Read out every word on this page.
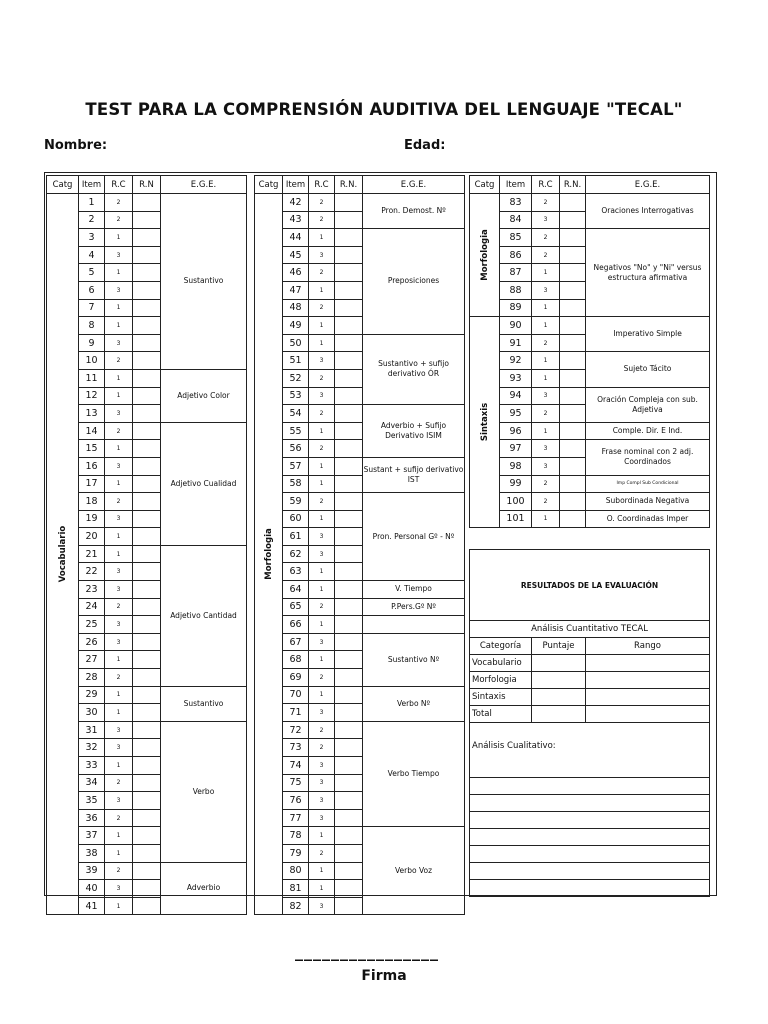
TEST PARA LA COMPRENSIÓN AUDITIVA DEL LENGUAJE "TECAL"
Nombre:	Edad:
Catg	Item	R.C	R.N	E.G.E.

Vocabulario	1	2		Sustantivo
	2	2		
	3	1		
	4	3		
	5	1		
	6	3		
	7	1		
	8	1		
	9	3		
	10	2		
	11	1		Adjetivo Color
	12	1		
	13	3		
	14	2		Adjetivo Cualidad
	15	1		
	16	3		
	17	1		
	18	2		
	19	3		
	20	1		
	21	1		Adjetivo Cantidad
	22	3		
	23	3		
	24	2		
	25	3		
	26	3		
	27	1		
	28	2		
	29	1		Sustantivo
	30	1		
	31	3		Verbo
	32	3		
	33	1		
	34	2		
	35	3		
	36	2		
	37	1		
	38	1		
	39	2		Adverbio
	40	3		
	41	1		
Catg	Item	R.C	R.N.	E.G.E.

Morfologia	42	2		Pron. Demost. Nº
	43	2		
	44	1		Preposiciones
	45	3		
	46	2		
	47	1		
	48	2		
	49	1		
	50	1		Sustantivo + sufijo derivativo ÓR
	51	3		
	52	2		
	53	3		
	54	2		Adverbio + Sufijo Derivativo ISIM
	55	1		
	56	2		
	57	1		Sustant + sufijo derivativo IST
	58	1		
	59	2		Pron. Personal Gº - Nº
	60	1		
	61	3		
	62	3		
	63	1		
	64	1		V. Tiempo
	65	2		P.Pers.Gº Nº
	66	1		
	67	3		Sustantivo Nº
	68	1		
	69	2		
	70	1		Verbo Nº
	71	3		
	72	2		Verbo Tiempo
	73	2		
	74	3		
	75	3		
	76	3		
	77	3		
	78	1		Verbo Voz
	79	2		
	80	1		
	81	1		
	82	3		
Catg	Item	R.C	R.N.	E.G.E.

Morfologia	83	2		Oraciones Interrogativas
	84	3		
	85	2		Negativos "No" y "Ni" versus estructura afirmativa
	86	2		
	87	1		
	88	3		
	89	1		

Sintaxis	90	1		Imperativo Simple
	91	2		
	92	1		Sujeto Tácito
	93	1		
	94	3		Oración Compleja con sub. Adjetiva
	95	2		
	96	1		Comple. Dir. E Ind.
	97	3		Frase nominal con 2 adj. Coordinados
	98	3		
	99	2		Imp Compl Sub Condicional
	100	2		Subordinada Negativa
	101	1		O. Coordinadas Imper
RESULTADOS DE LA EVALUACIÓN		
Análisis Cuantitativo TECAL		
Categoría	Puntaje	Rango
Vocabulario		
Morfologia		
Sintaxis		
Total		
Análisis Cualitativo:		

________________
Firma
